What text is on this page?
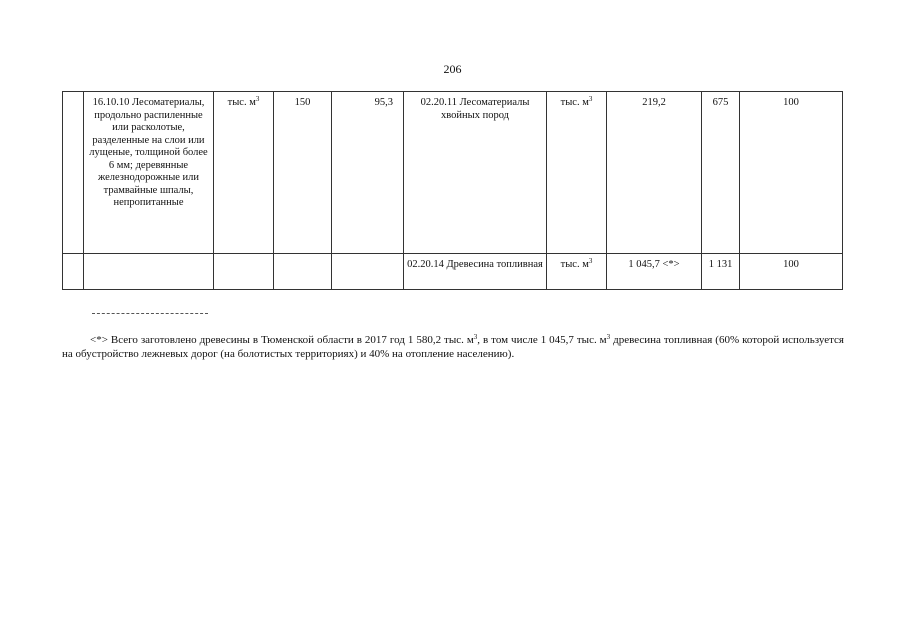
206
	16.10.10 Лесоматериалы, продольно распиленные или расколотые, разделенные на слои или лущеные, толщиной более 6 мм; деревянные железнодорожные или трамвайные шпалы, непропитанные	тыс. $м^3$	150	95,3	02.20.11 Лесоматериалы хвойных пород	тыс. $м^3$	219,2	675	100
					02.20.14 Древесина топливная	тыс. $м^3$	1 045,7 <*>	1 131	100
<*> Всего заготовлено древесины в Тюменской области в 2017 год 1 580,2 тыс. $м^3$, в том числе 1 045,7 тыс. $м^3$ древесина топливная (60% которой используется на обустройство лежневых дорог (на болотистых территориях) и 40% на отопление населению).
